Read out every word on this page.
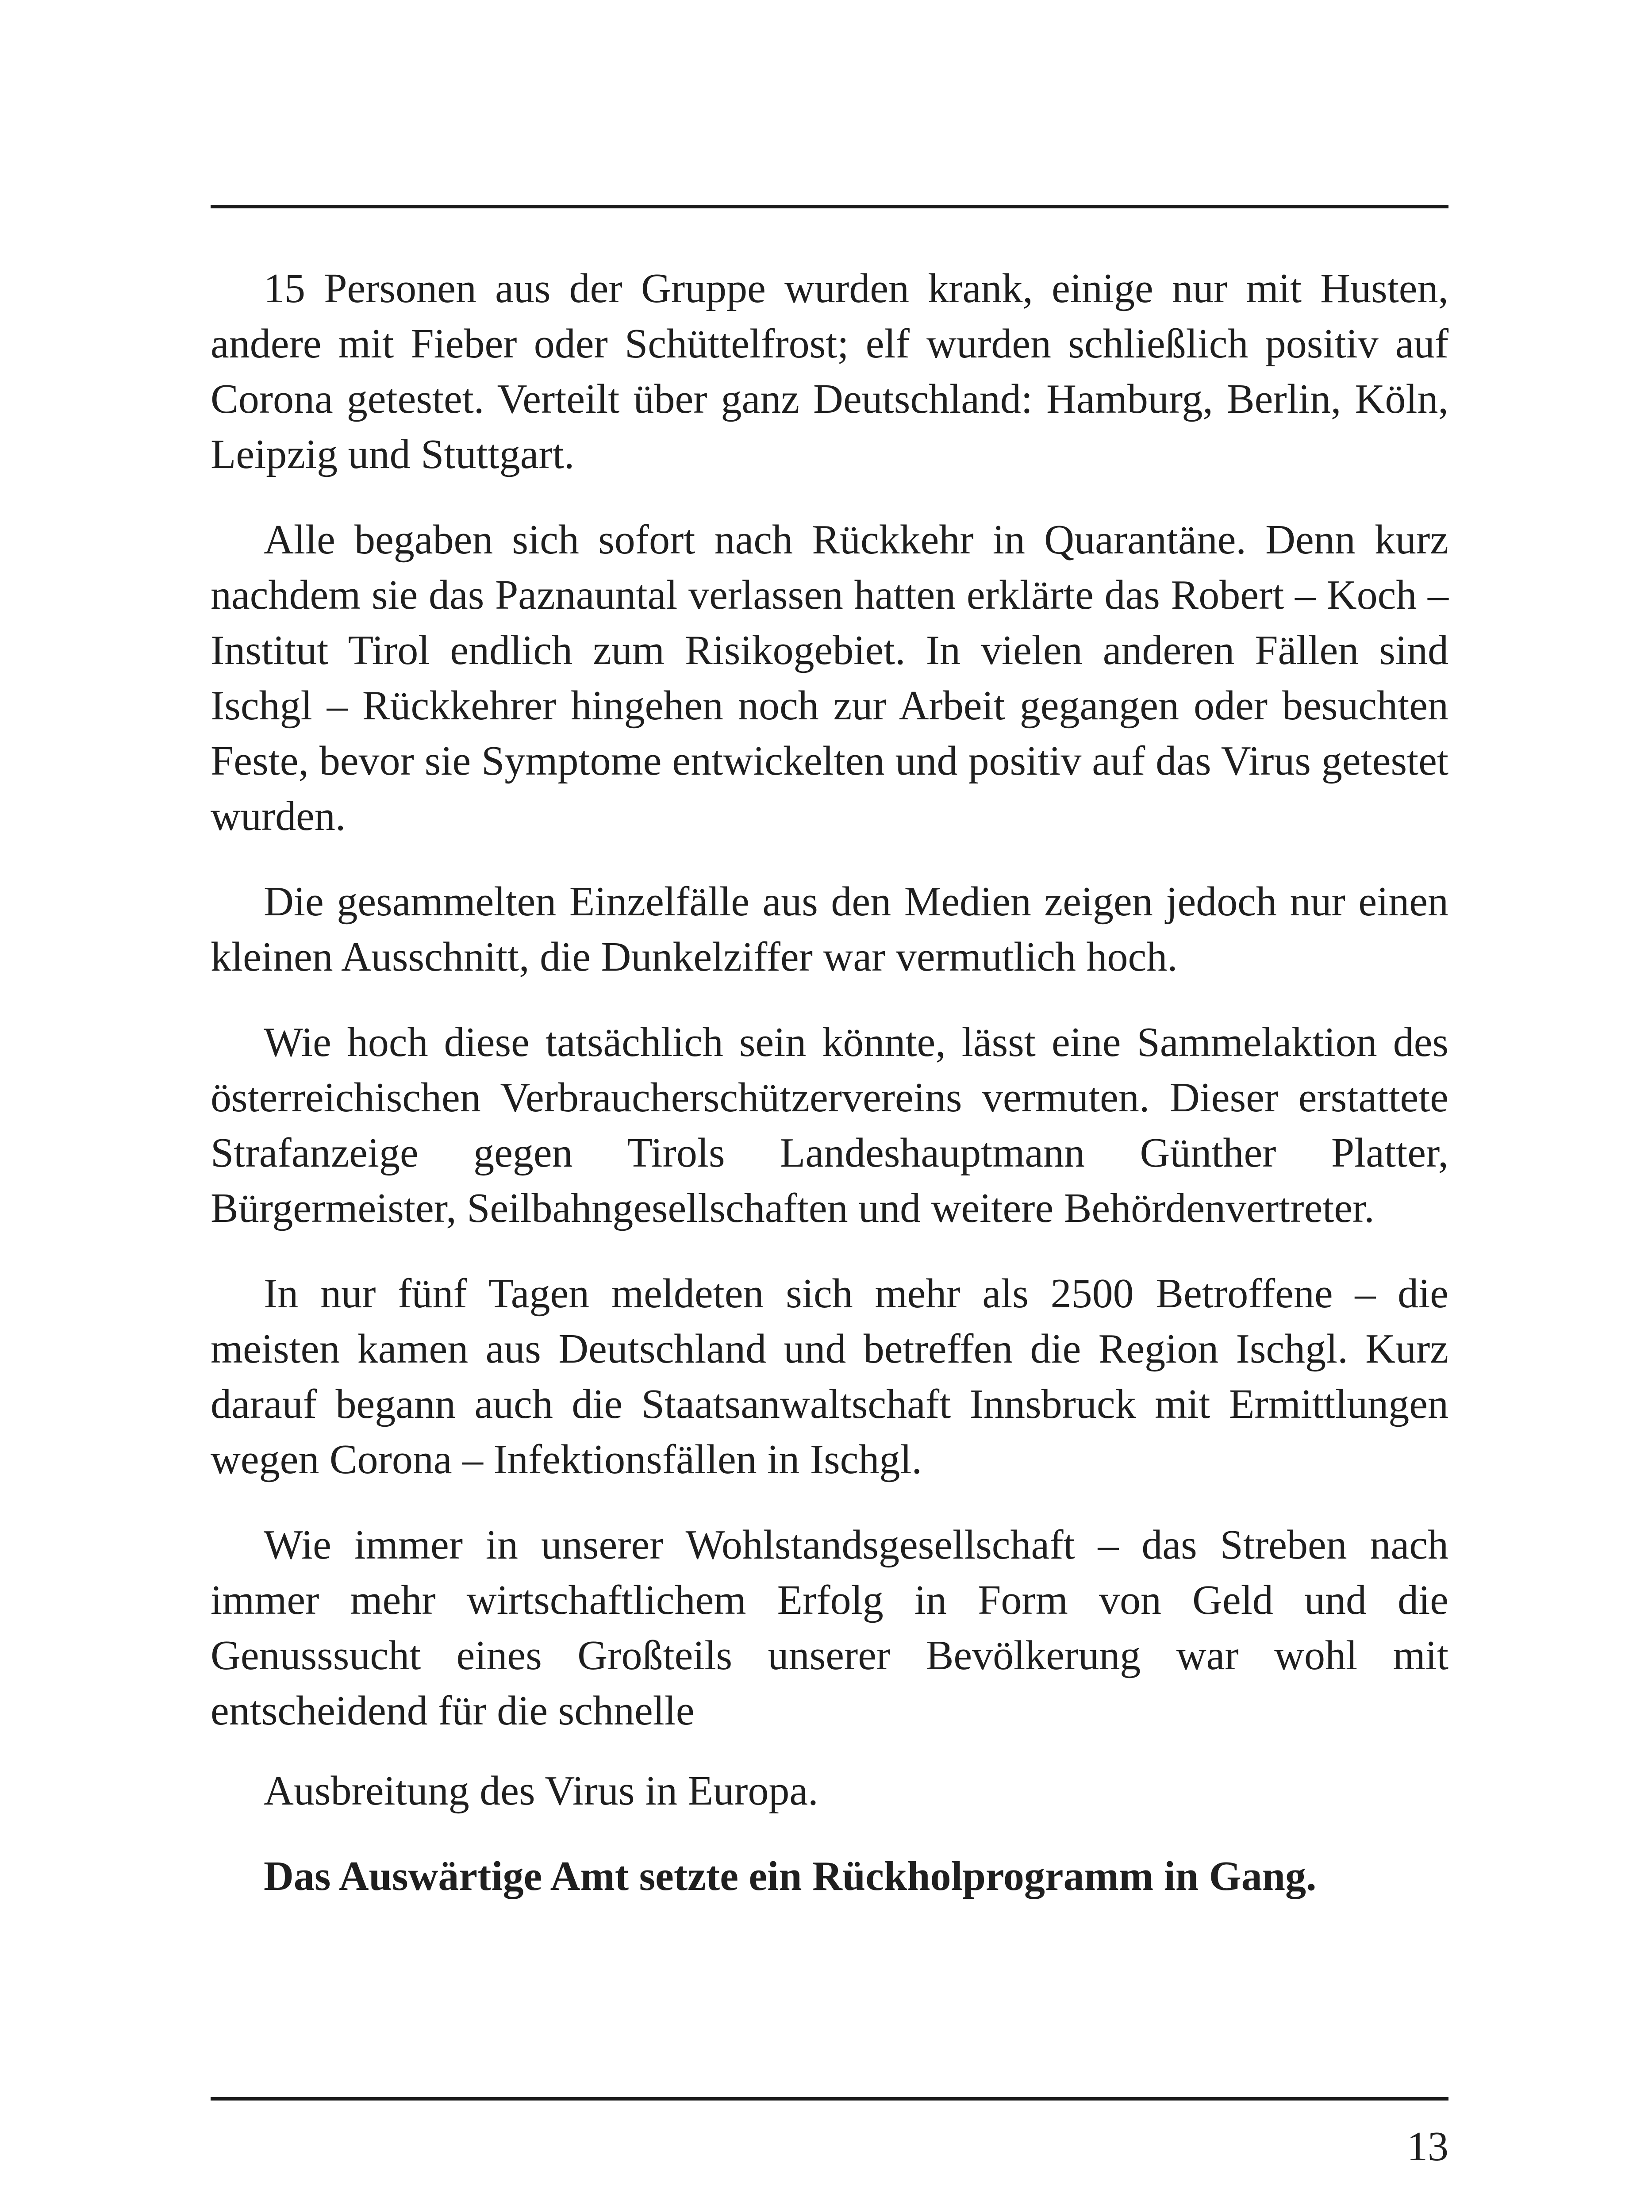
15 Personen aus der Gruppe wurden krank, einige nur mit Husten, andere mit Fieber oder Schüttelfrost; elf wurden schließlich positiv auf Corona getestet. Verteilt über ganz Deutschland: Hamburg, Berlin, Köln, Leipzig und Stuttgart.

Alle begaben sich sofort nach Rückkehr in Quarantäne. Denn kurz nachdem sie das Paznauntal verlassen hatten erklärte das Robert – Koch – Institut Tirol endlich zum Risikogebiet. In vielen anderen Fällen sind Ischgl – Rückkehrer hingehen noch zur Arbeit gegangen oder besuchten Feste, bevor sie Symptome entwickelten und positiv auf das Virus getestet wurden.

Die gesammelten Einzelfälle aus den Medien zeigen jedoch nur einen kleinen Ausschnitt, die Dunkelziffer war vermutlich hoch.

Wie hoch diese tatsächlich sein könnte, lässt eine Sammelaktion des österreichischen Verbraucherschützervereins vermuten. Dieser erstattete Strafanzeige gegen Tirols Landeshauptmann Günther Platter, Bürgermeister, Seilbahngesellschaften und weitere Behördenvertreter.

In nur fünf Tagen meldeten sich mehr als 2500 Betroffene – die meisten kamen aus Deutschland und betreffen die Region Ischgl. Kurz darauf begann auch die Staatsanwaltschaft Innsbruck mit Ermittlungen wegen Corona – Infektionsfällen in Ischgl.

Wie immer in unserer Wohlstandsgesellschaft – das Streben nach immer mehr wirtschaftlichem Erfolg in Form von Geld und die Genusssucht eines Großteils unserer Bevölkerung war wohl mit entscheidend für die schnelle

Ausbreitung des Virus in Europa.

Das Auswärtige Amt setzte ein Rückholprogramm in Gang.

13
